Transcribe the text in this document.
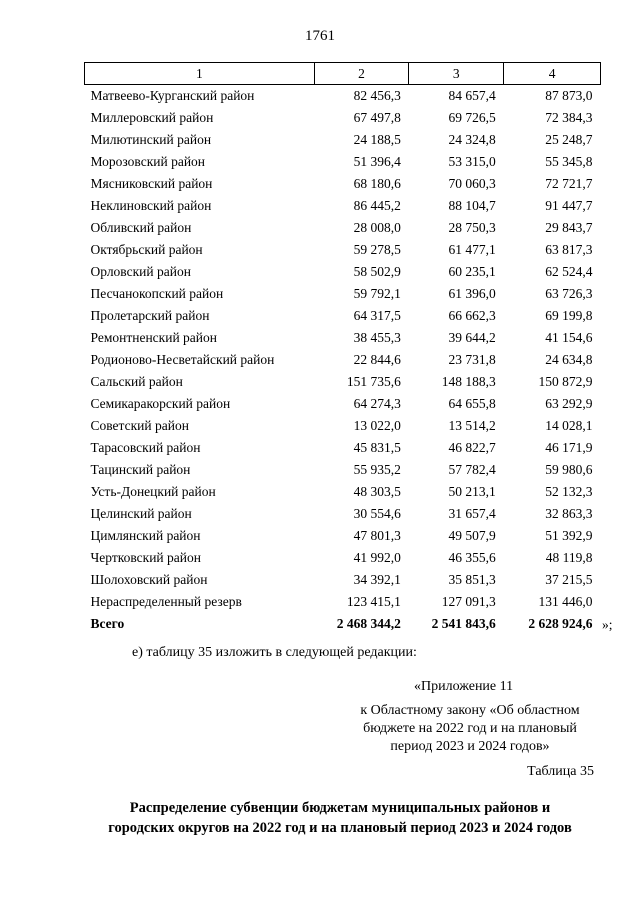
1761
1	2	3	4
Матвеево-Курганский район	82 456,3	84 657,4	87 873,0
Миллеровский район	67 497,8	69 726,5	72 384,3
Милютинский район	24 188,5	24 324,8	25 248,7
Морозовский район	51 396,4	53 315,0	55 345,8
Мясниковский район	68 180,6	70 060,3	72 721,7
Неклиновский район	86 445,2	88 104,7	91 447,7
Обливский район	28 008,0	28 750,3	29 843,7
Октябрьский район	59 278,5	61 477,1	63 817,3
Орловский район	58 502,9	60 235,1	62 524,4
Песчанокопский район	59 792,1	61 396,0	63 726,3
Пролетарский район	64 317,5	66 662,3	69 199,8
Ремонтненский район	38 455,3	39 644,2	41 154,6
Родионово-Несветайский район	22 844,6	23 731,8	24 634,8
Сальский район	151 735,6	148 188,3	150 872,9
Семикаракорский район	64 274,3	64 655,8	63 292,9
Советский район	13 022,0	13 514,2	14 028,1
Тарасовский район	45 831,5	46 822,7	46 171,9
Тацинский район	55 935,2	57 782,4	59 980,6
Усть-Донецкий район	48 303,5	50 213,1	52 132,3
Целинский район	30 554,6	31 657,4	32 863,3
Цимлянский район	47 801,3	49 507,9	51 392,9
Чертковский район	41 992,0	46 355,6	48 119,8
Шолоховский район	34 392,1	35 851,3	37 215,5
Нераспределенный резерв	123 415,1	127 091,3	131 446,0
Всего	2 468 344,2	2 541 843,6	2 628 924,6 »;
е) таблицу 35 изложить в следующей редакции:
«Приложение 11
к Областному закону «Об областном
бюджете на 2022 год и на плановый
период 2023 и 2024 годов»
Таблица 35
Распределение субвенции бюджетам муниципальных районов и
городских округов на 2022 год и на плановый период 2023 и 2024 годов
